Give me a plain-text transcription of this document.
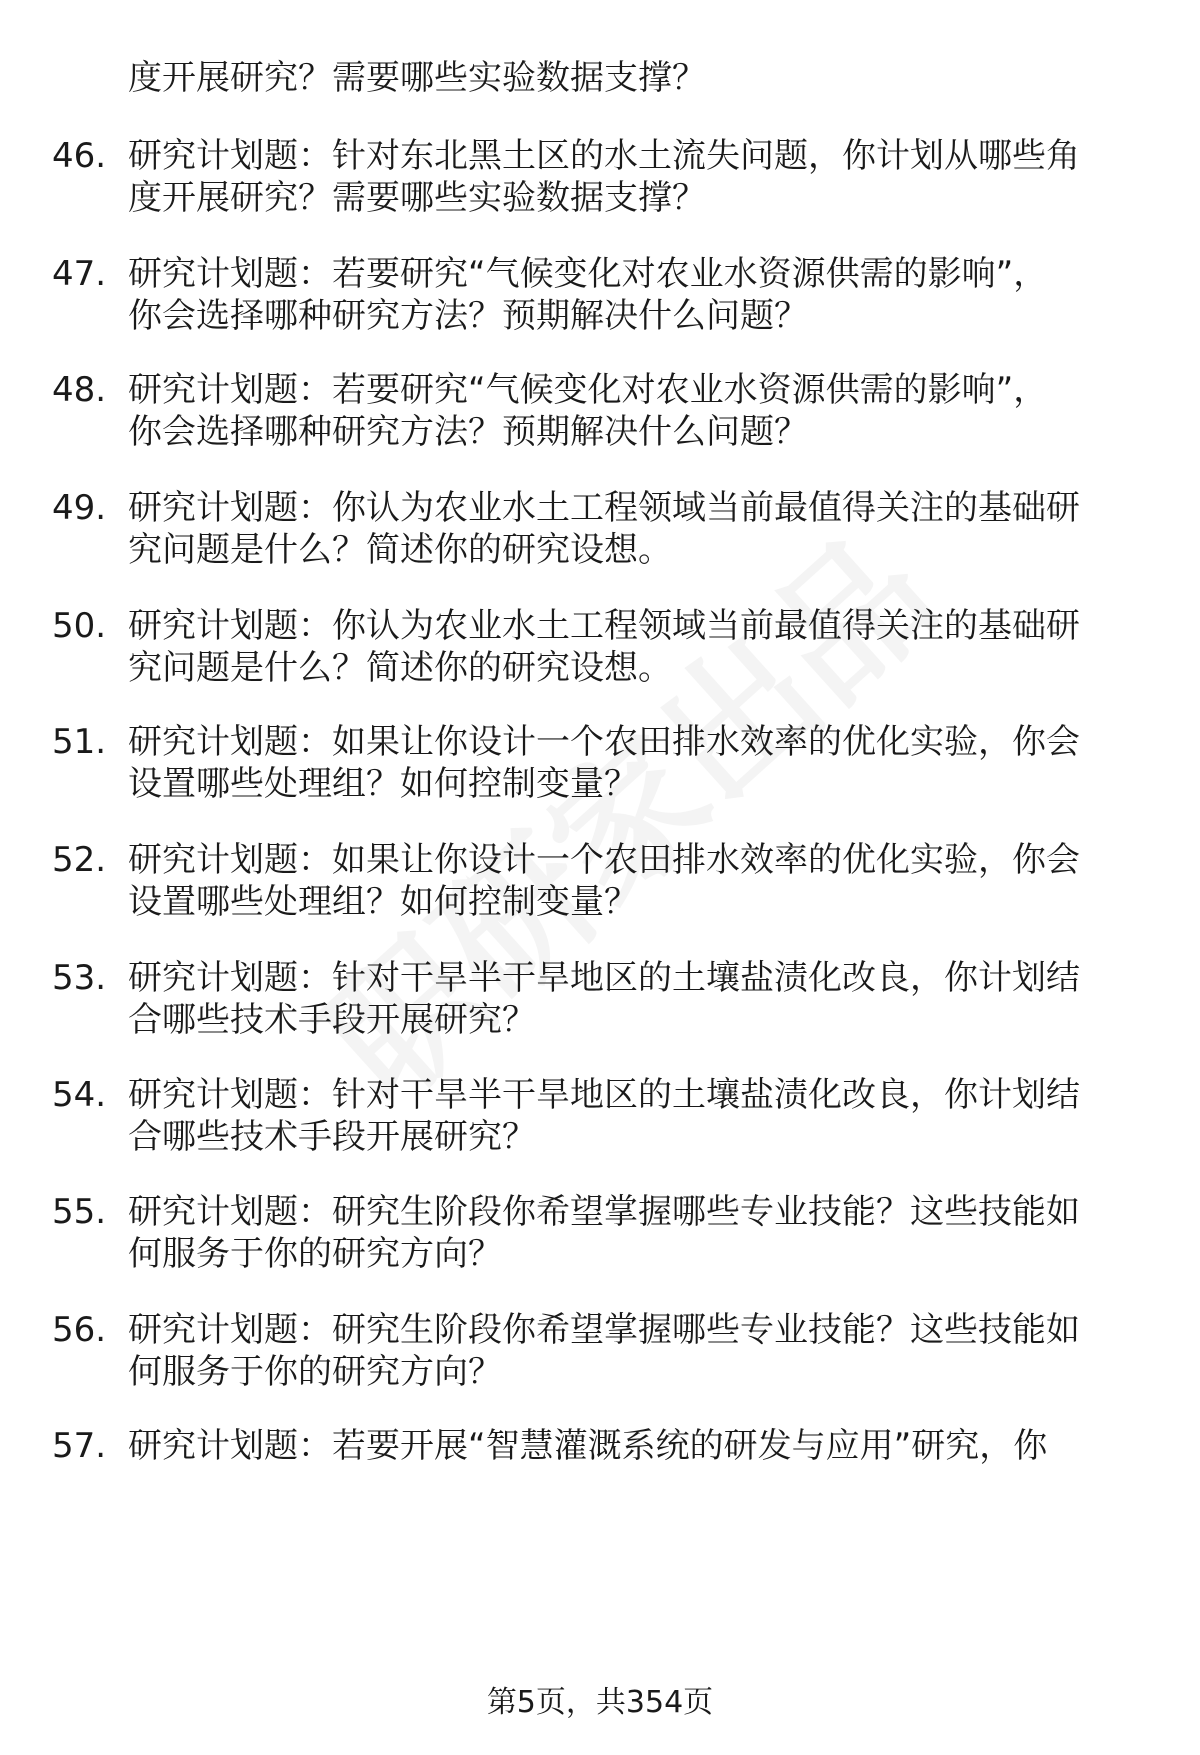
度开展研究？需要哪些实验数据支撑？
46. 研究计划题：针对东北黑土区的水土流失问题，你计划从哪些角
度开展研究？需要哪些实验数据支撑？
47. 研究计划题：若要研究“气候变化对农业水资源供需的影响”，
你会选择哪种研究方法？预期解决什么问题？
48. 研究计划题：若要研究“气候变化对农业水资源供需的影响”，
你会选择哪种研究方法？预期解决什么问题？
49. 研究计划题：你认为农业水土工程领域当前最值得关注的基础研
究问题是什么？简述你的研究设想。
50. 研究计划题：你认为农业水土工程领域当前最值得关注的基础研
究问题是什么？简述你的研究设想。
51. 研究计划题：如果让你设计一个农田排水效率的优化实验，你会
设置哪些处理组？如何控制变量？
52. 研究计划题：如果让你设计一个农田排水效率的优化实验，你会
设置哪些处理组？如何控制变量？
53. 研究计划题：针对干旱半干旱地区的土壤盐渍化改良，你计划结
合哪些技术手段开展研究？
54. 研究计划题：针对干旱半干旱地区的土壤盐渍化改良，你计划结
合哪些技术手段开展研究？
55. 研究计划题：研究生阶段你希望掌握哪些专业技能？这些技能如
何服务于你的研究方向？
56. 研究计划题：研究生阶段你希望掌握哪些专业技能？这些技能如
何服务于你的研究方向？
57. 研究计划题：若要开展“智慧灌溉系统的研发与应用”研究，你
第5页，共354页
